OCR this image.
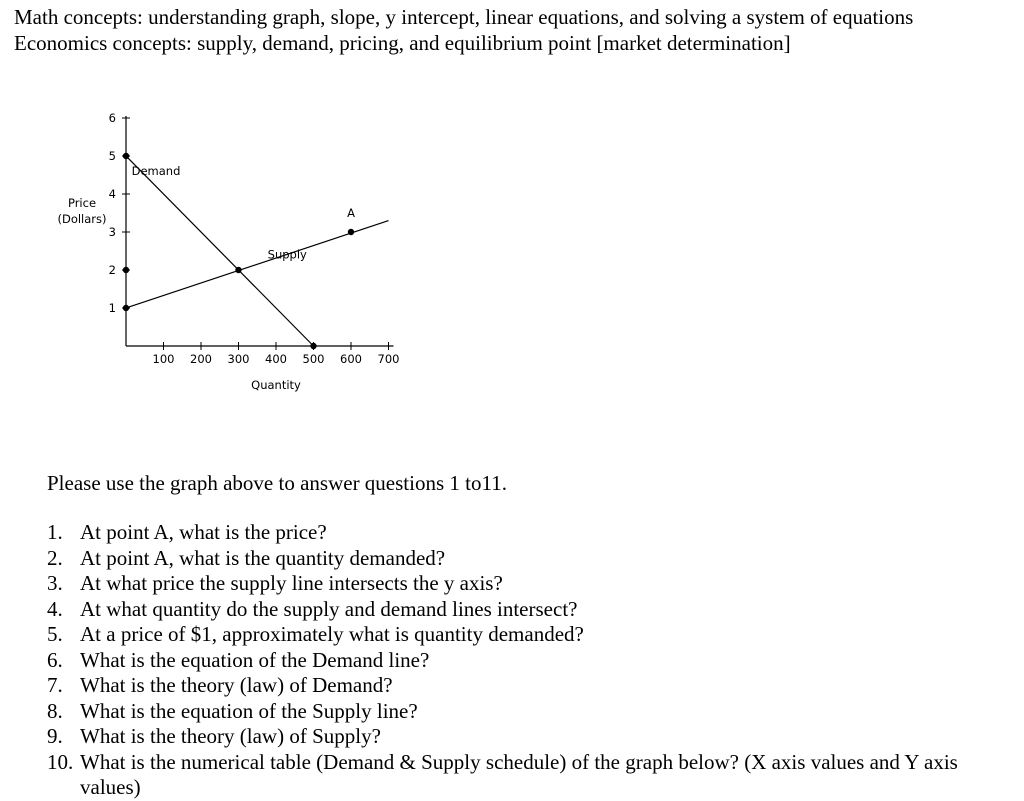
Math concepts: understanding graph, slope, y intercept, linear equations, and solving a system of equations
Economics concepts: supply, demand, pricing, and equilibrium point [market determination]
100 200 300 400 500 600 700
1
2
3
4
5
6
Quantity
Price
(Dollars)	A
Demand
Supply
Please use the graph above to answer questions 1 to11.
1. At point A, what is the price?
2. At point A, what is the quantity demanded?
3. At what price the supply line intersects the y axis?
4. At what quantity do the supply and demand lines intersect?
5. At a price of $1, approximately what is quantity demanded?
6. What is the equation of the Demand line?
7. What is the theory (law) of Demand?
8. What is the equation of the Supply line?
9. What is the theory (law) of Supply?
10. What is the numerical table (Demand & Supply schedule) of the graph below? (X axis values and Y axis values)
